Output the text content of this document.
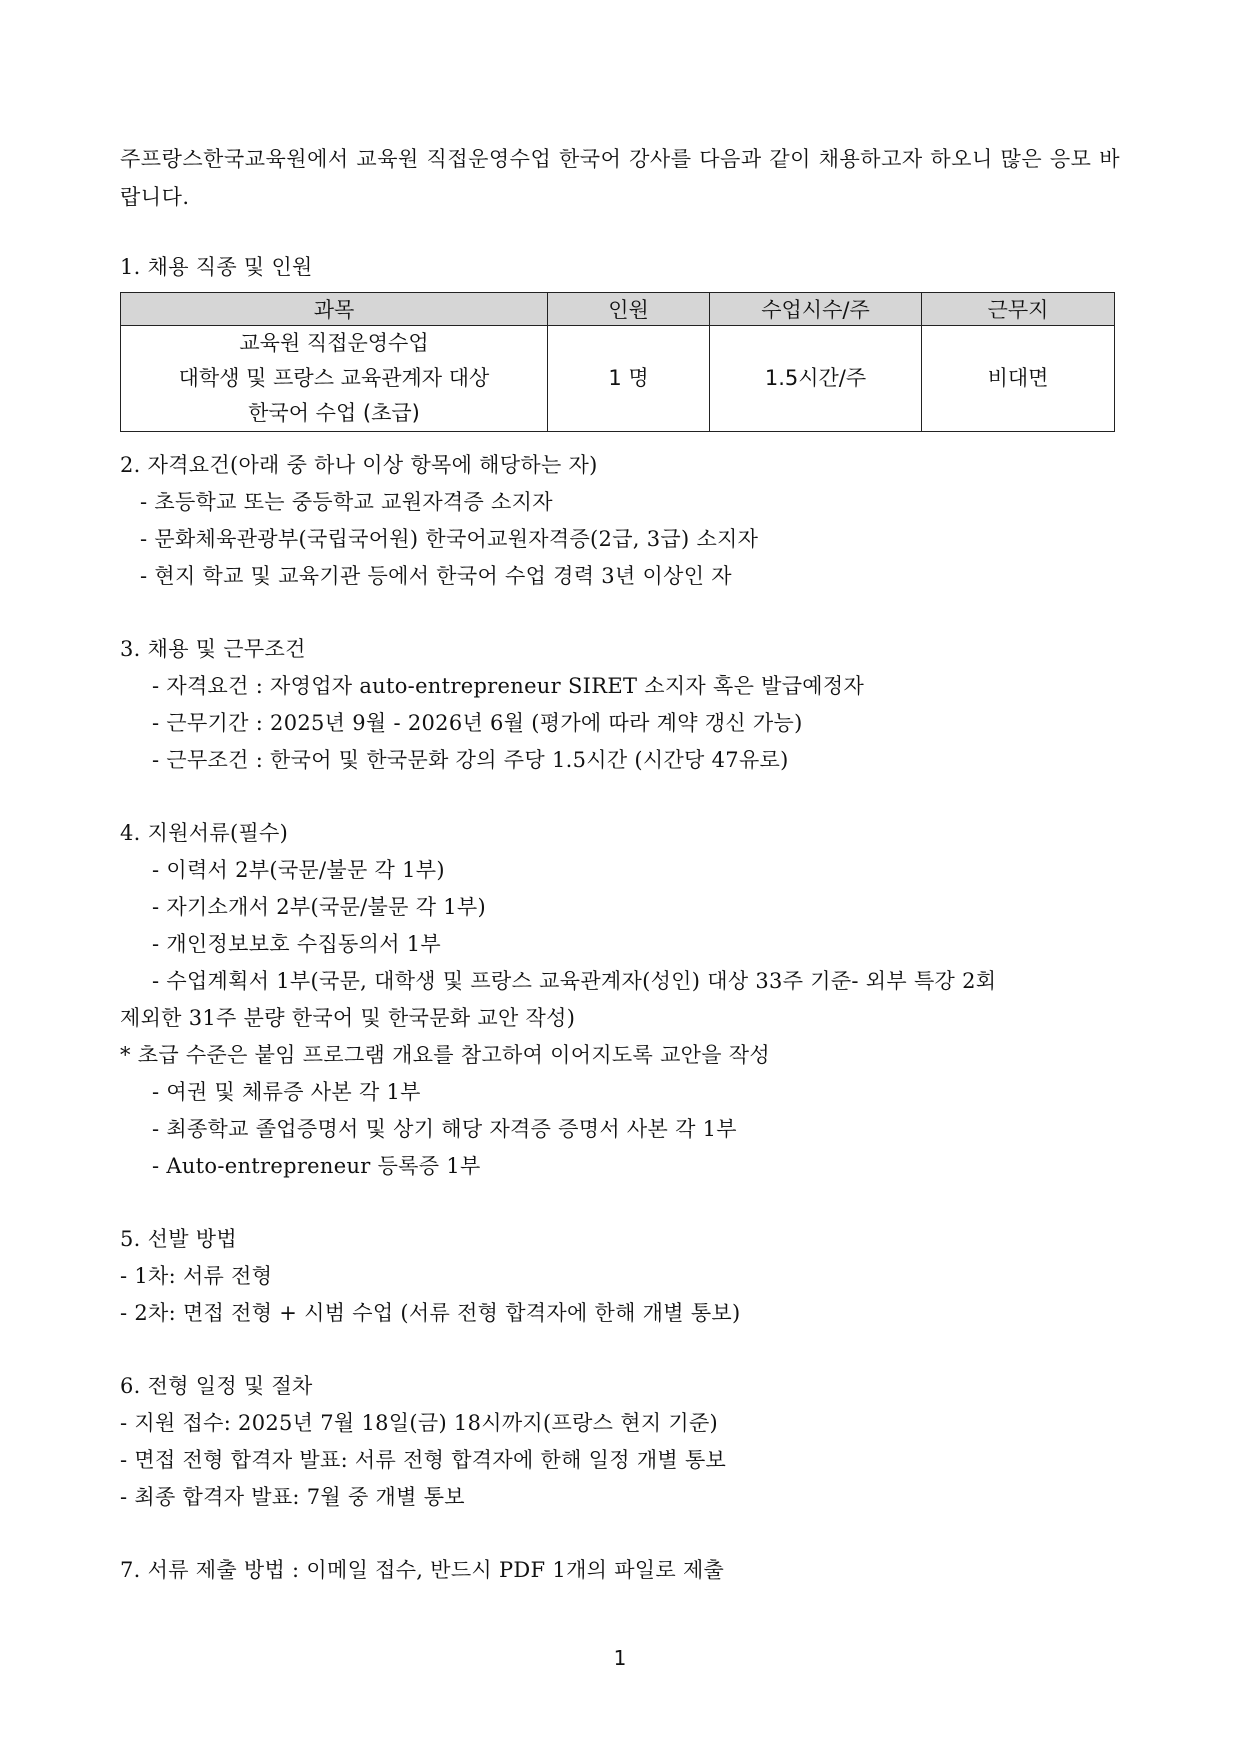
주프랑스한국교육원에서 교육원 직접운영수업 한국어 강사를 다음과 같이 채용하고자 하오니 많은 응모 바랍니다.
1. 채용 직종 및 인원
과목	인원	수업시수/주	근무지

교육원 직접운영수업
대학생 및 프랑스 교육관계자 대상
한국어 수업 (초급)	1 명	1.5시간/주	비대면
2. 자격요건(아래 중 하나 이상 항목에 해당하는 자)
- 초등학교 또는 중등학교 교원자격증 소지자
- 문화체육관광부(국립국어원) 한국어교원자격증(2급, 3급) 소지자
- 현지 학교 및 교육기관 등에서 한국어 수업 경력 3년 이상인 자
3. 채용 및 근무조건
- 자격요건 : 자영업자 auto-entrepreneur SIRET 소지자 혹은 발급예정자
- 근무기간 : 2025년 9월 - 2026년 6월 (평가에 따라 계약 갱신 가능)
- 근무조건 : 한국어 및 한국문화 강의 주당 1.5시간 (시간당 47유로)
4. 지원서류(필수)
- 이력서 2부(국문/불문 각 1부)
- 자기소개서 2부(국문/불문 각 1부)
- 개인정보보호 수집동의서 1부
- 수업계획서 1부(국문, 대학생 및 프랑스 교육관계자(성인) 대상 33주 기준- 외부 특강 2회
제외한 31주 분량 한국어 및 한국문화 교안 작성)
* 초급 수준은 붙임 프로그램 개요를 참고하여 이어지도록 교안을 작성
- 여권 및 체류증 사본 각 1부
- 최종학교 졸업증명서 및 상기 해당 자격증 증명서 사본 각 1부
- Auto-entrepreneur 등록증 1부
5. 선발 방법
- 1차: 서류 전형
- 2차: 면접 전형 + 시범 수업 (서류 전형 합격자에 한해 개별 통보)
6. 전형 일정 및 절차
- 지원 접수: 2025년 7월 18일(금) 18시까지(프랑스 현지 기준)
- 면접 전형 합격자 발표: 서류 전형 합격자에 한해 일정 개별 통보
- 최종 합격자 발표: 7월 중 개별 통보
7. 서류 제출 방법 : 이메일 접수, 반드시 PDF 1개의 파일로 제출
1
